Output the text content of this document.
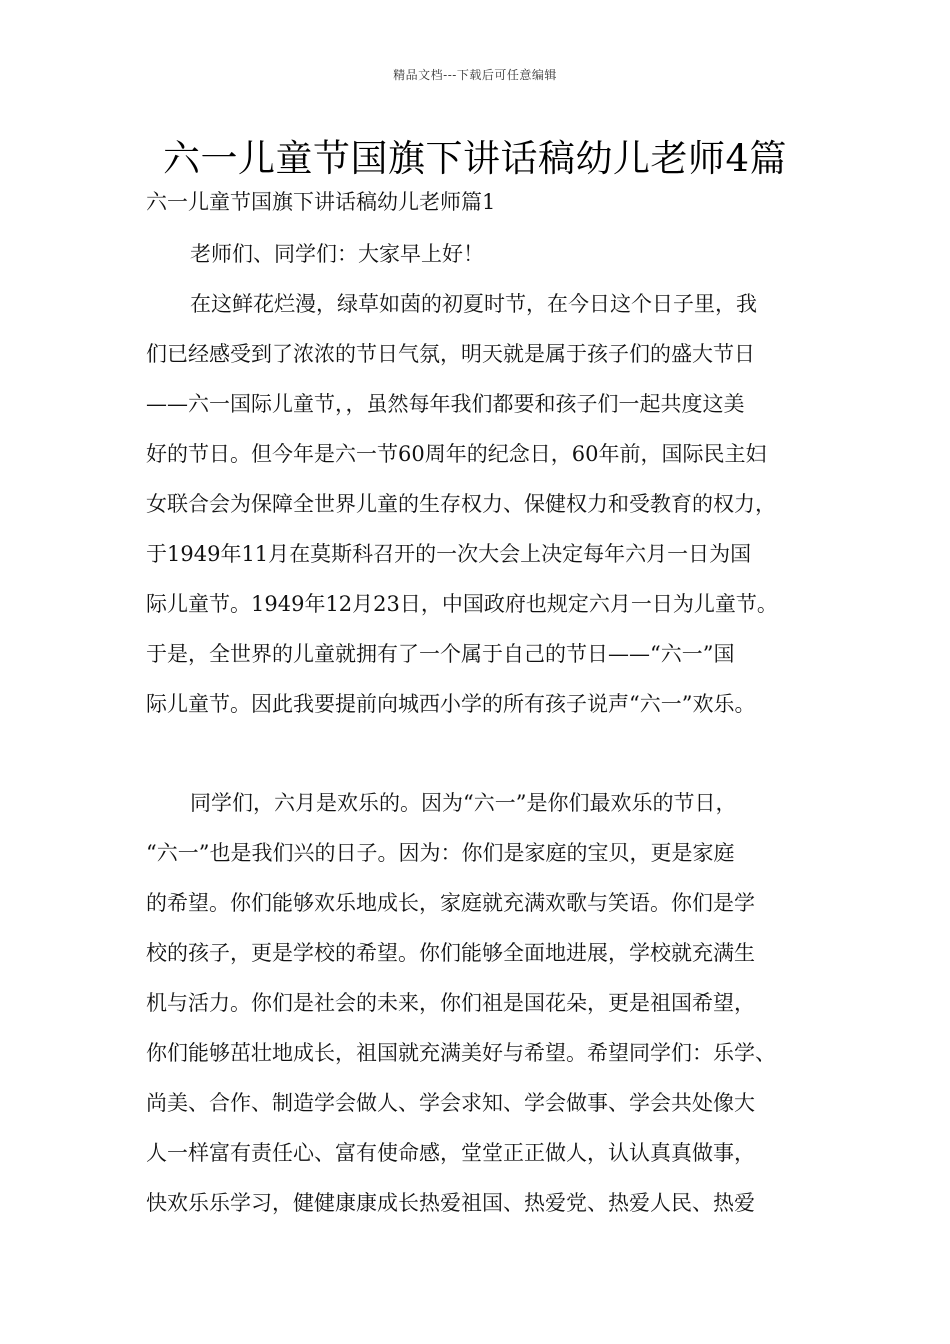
精品文档---下载后可任意编辑
六一儿童节国旗下讲话稿幼儿老师4篇
六一儿童节国旗下讲话稿幼儿老师篇1
老师们、同学们：大家早上好！
在这鲜花烂漫，绿草如茵的初夏时节，在今日这个日子里，我
们已经感受到了浓浓的节日气氛，明天就是属于孩子们的盛大节日
——六一国际儿童节，，虽然每年我们都要和孩子们一起共度这美
好的节日。但今年是六一节60周年的纪念日，60年前，国际民主妇
女联合会为保障全世界儿童的生存权力、保健权力和受教育的权力，
于1949年11月在莫斯科召开的一次大会上决定每年六月一日为国
际儿童节。1949年12月23日，中国政府也规定六月一日为儿童节。
于是，全世界的儿童就拥有了一个属于自己的节日——“六一”国
际儿童节。因此我要提前向城西小学的所有孩子说声“六一”欢乐。
同学们，六月是欢乐的。因为“六一”是你们最欢乐的节日，
“六一”也是我们兴的日子。因为：你们是家庭的宝贝，更是家庭
的希望。你们能够欢乐地成长，家庭就充满欢歌与笑语。你们是学
校的孩子，更是学校的希望。你们能够全面地进展，学校就充满生
机与活力。你们是社会的未来，你们祖是国花朵，更是祖国希望，
你们能够茁壮地成长，祖国就充满美好与希望。希望同学们：乐学、
尚美、合作、制造学会做人、学会求知、学会做事、学会共处像大
人一样富有责任心、富有使命感，堂堂正正做人，认认真真做事，
快欢乐乐学习，健健康康成长热爱祖国、热爱党、热爱人民、热爱
